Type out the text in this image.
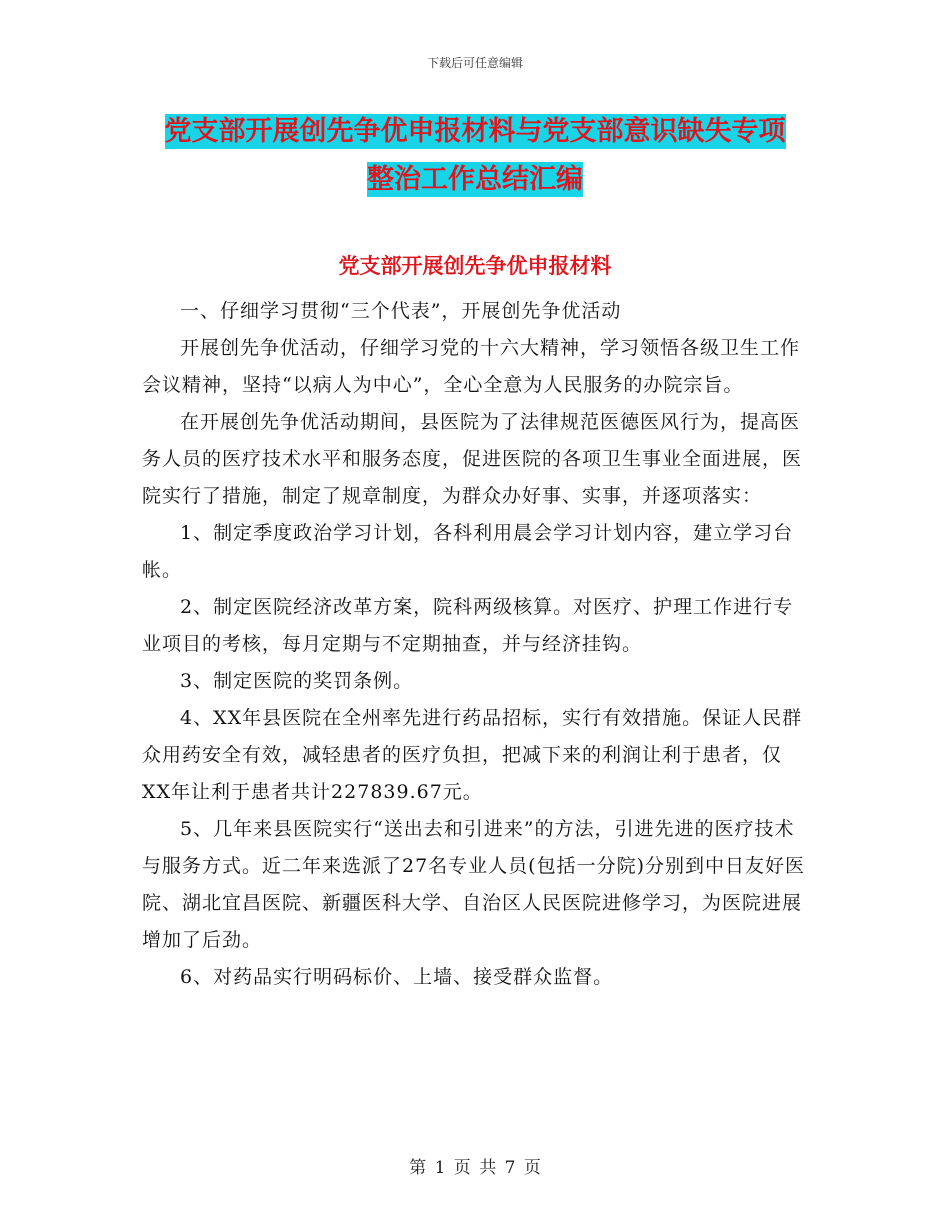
下载后可任意编辑
党支部开展创先争优申报材料与党支部意识缺失专项
整治工作总结汇编
党支部开展创先争优申报材料

一、仔细学习贯彻“三个代表”，开展创先争优活动

开展创先争优活动，仔细学习党的十六大精神，学习领悟各级卫生工作会议精神，坚持“以病人为中心”，全心全意为人民服务的办院宗旨。

在开展创先争优活动期间，县医院为了法律规范医德医风行为，提高医务人员的医疗技术水平和服务态度，促进医院的各项卫生事业全面进展，医院实行了措施，制定了规章制度，为群众办好事、实事，并逐项落实：

1、制定季度政治学习计划，各科利用晨会学习计划内容，建立学习台帐。

2、制定医院经济改革方案，院科两级核算。对医疗、护理工作进行专业项目的考核，每月定期与不定期抽查，并与经济挂钩。

3、制定医院的奖罚条例。

4、XX年县医院在全州率先进行药品招标，实行有效措施。保证人民群众用药安全有效，减轻患者的医疗负担，把减下来的利润让利于患者，仅XX年让利于患者共计227839.67元。

5、几年来县医院实行“送出去和引进来”的方法，引进先进的医疗技术与服务方式。近二年来选派了27名专业人员(包括一分院)分别到中日友好医院、湖北宜昌医院、新疆医科大学、自治区人民医院进修学习，为医院进展增加了后劲。

6、对药品实行明码标价、上墙、接受群众监督。

第 1 页 共 7 页
